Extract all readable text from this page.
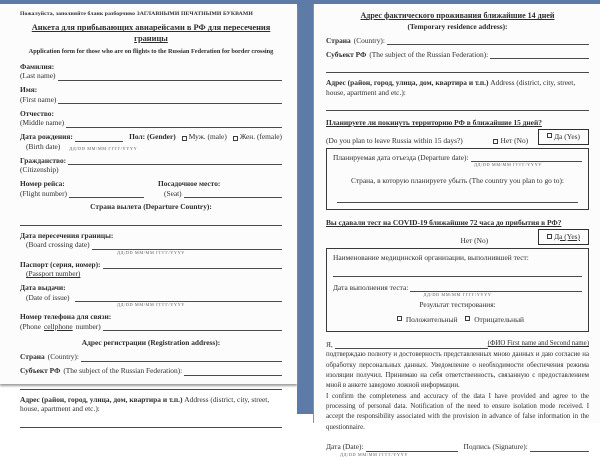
Пожалуйста, заполняйте бланк разборчиво ЗАГЛАВНЫМИ ПЕЧАТНЫМИ БУКВАМИ
Анкета для прибывающих авиарейсами в РФ для пересечения границы
Application form for those who are on flights to the Russian Federation for border crossing
Фамилия:
(Last name)
Имя:
(First name)
Отчество:
(Middle name)
Дата рождения:	Пол: (Gender) Муж. (male) Жен. (female)
(Birth date) ДД/DD ММ/MM ГГГГ/YYYY
Гражданство:
(Citizenship)
Номер рейса:
(Flight number)
Посадочное место:
(Seat)
Страна вылета (Departure Country):
Дата пересечения границы:
(Board crossing date)
ДД/DD ММ/MM ГГГГ/YYYY
Паспорт (серия, номер):
(Passport number)
Дата выдачи:
(Date of issue)
ДД/DD ММ/MM ГГГГ/YYYY
Номер телефона для связи:
(Phone cellphone number)
Адрес регистрации (Registration address):
Страна (Country):
Субъект РФ (The subject of the Russian Federation):
Адрес (район, город, улица, дом, квартира и т.п.) Address (district, city, street, house, apartment and etc.):
Адрес фактического проживания ближайшие 14 дней
(Temporary residence address):
Страна (Country):
Субъект РФ (The subject of the Russian Federation):
Адрес (район, город, улица, дом, квартира и т.п.) Address (district, city, street, house, apartment and etc.):
Планируете ли покинуть территорию РФ в ближайшие 15 дней?
(Do you plan to leave Russia within 15 days?)	Нет (No)	Да (Yes)
Планируемая дата отъезда (Departure date):
ДД/DD ММ/MM ГГГГ/YYYY
Страна, в которую планируете убыть (The country you plan to go to):
Вы сдавали тест на COVID-19 ближайшие 72 часа до прибытия в РФ?
Нет (No)	Да (Yes)
Наименование медицинской организации, выполнившей тест:
Дата выполнения теста:
ДД/DD ММ/MM ГГГГ/YYYY
Результат тестирования:
Положительный Отрицательный
Я,	(ФИО First name and Second name)

подтверждаю полноту и достоверность представленных мною данных и даю согласие на обработку персональных данных. Уведомление о необходимости обеспечения режима изоляции получил. Принимаю на себя ответственность, связанную с предоставлением мной в анкете заведомо ложной информации.

I confirm the completeness and accuracy of the data I have provided and agree to the processing of personal data. Notification of the need to ensure isolation mode received. I accept the responsibility associated with the provision in advance of false information in the questionnaire.

Дата (Date):	Подпись (Signature):
ДД/DD ММ/MM ГГГГ/YYYY
